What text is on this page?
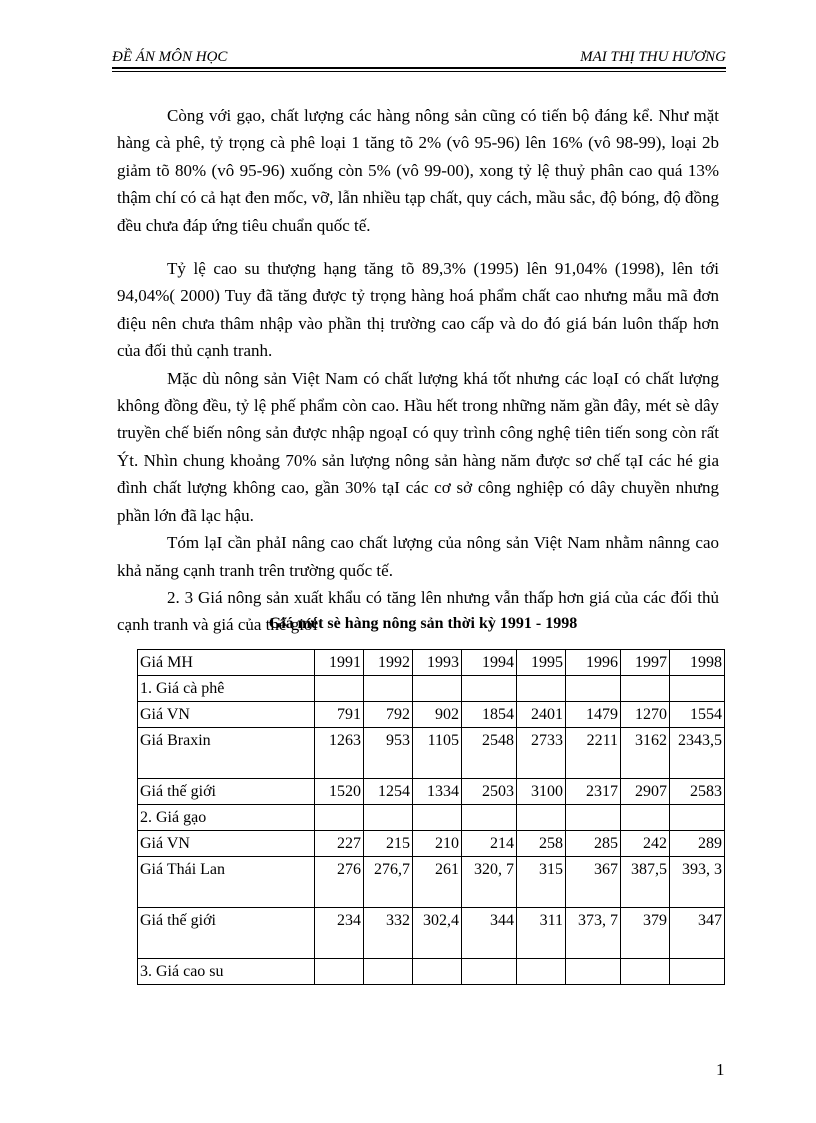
ĐỀ ÁN MÔN HỌC	MAI THỊ THU HƯƠNG

Còng với gạo, chất lượng các hàng nông sản cũng có tiến bộ đáng kể. Như mặt hàng cà phê, tỷ trọng cà phê loại 1 tăng tõ 2% (vô 95-96) lên 16% (vô 98-99), loại 2b giảm tõ 80% (vô 95-96) xuống còn 5% (vô 99-00), xong tỷ lệ thuỷ phân cao quá 13% thậm chí có cả hạt đen mốc, vỡ, lẫn nhiều tạp chất, quy cách, mầu sắc, độ bóng, độ đồng đều chưa đáp ứng tiêu chuẩn quốc tế.

Tỷ lệ cao su thượng hạng tăng tõ 89,3% (1995) lên 91,04% (1998), lên tới 94,04%( 2000) Tuy đã tăng được tỷ trọng hàng hoá phẩm chất cao nhưng mẫu mã đơn điệu nên chưa thâm nhập vào phần thị trường cao cấp và do đó giá bán luôn thấp hơn của đối thủ cạnh tranh.

Mặc dù nông sản Việt Nam có chất lượng khá tốt nhưng các loạI có chất lượng không đồng đều, tỷ lệ phế phẩm còn cao. Hầu hết trong những năm gần đây, mét sè dây truyền chế biến nông sản được nhập ngoạI có quy trình công nghệ tiên tiến song còn rất Ýt. Nhìn chung khoảng 70% sản lượng nông sản hàng năm được sơ chế tạI các hé gia đình chất lượng không cao, gần 30% tạI các cơ sở công nghiệp có dây chuyền nhưng phần lớn đã lạc hậu.

Tóm lạI cần phảI nâng cao chất lượng của nông sản Việt Nam nhằm nânng cao khả năng cạnh tranh trên trường quốc tế.

2. 3 Giá nông sản xuất khẩu có tăng lên nhưng vẫn thấp hơn giá của các đối thủ cạnh tranh và giá của thế giới

Giá mét sè hàng nông sản thời kỳ 1991 - 1998
Giá MH	1991	1992	1993	1994	1995	1996	1997	1998
1. Giá cà phê								
Giá VN	791	792	902	1854	2401	1479	1270	1554
Giá Braxin	1263	953	1105	2548	2733	2211	3162	2343,5
Giá thế giới	1520	1254	1334	2503	3100	2317	2907	2583
2. Giá gạo								
Giá VN	227	215	210	214	258	285	242	289
Giá Thái Lan	276	276,7	261	320, 7	315	367	387,5	393, 3
Giá thế giới	234	332	302,4	344	311	373, 7	379	347
3. Giá cao su								
1
